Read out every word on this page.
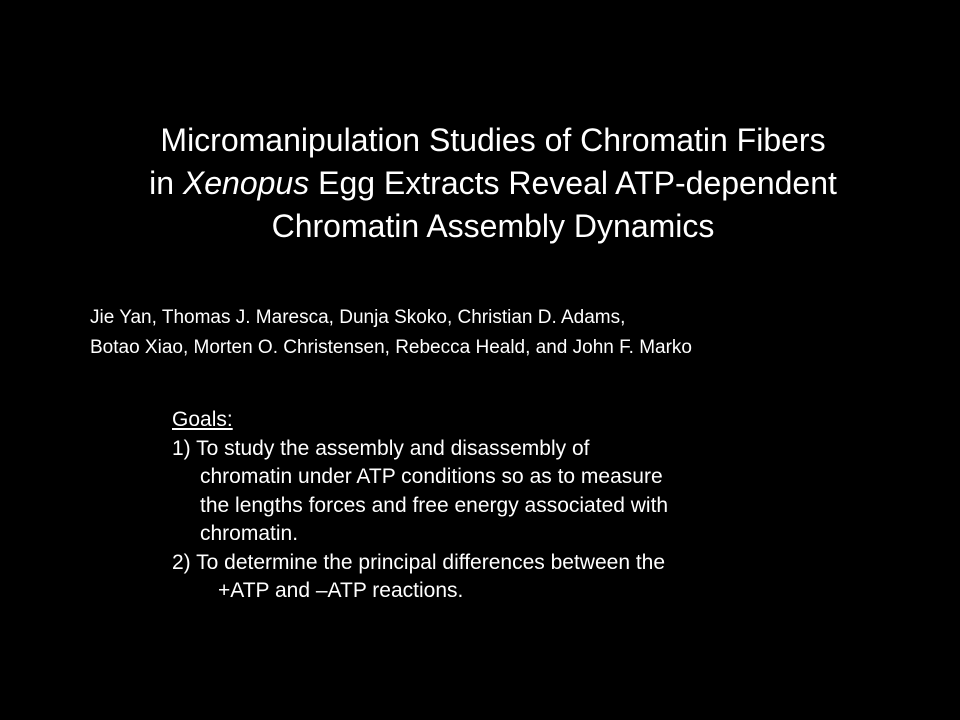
Micromanipulation Studies of Chromatin Fibers
in Xenopus Egg Extracts Reveal ATP-dependent
Chromatin Assembly Dynamics
Jie Yan, Thomas J. Maresca, Dunja Skoko, Christian D. Adams,
Botao Xiao, Morten O. Christensen, Rebecca Heald, and John F. Marko
Goals:
1) To study the assembly and disassembly of
chromatin under ATP conditions so as to measure
the lengths forces and free energy associated with
chromatin.
2) To determine the principal differences between the
+ATP and –ATP reactions.
